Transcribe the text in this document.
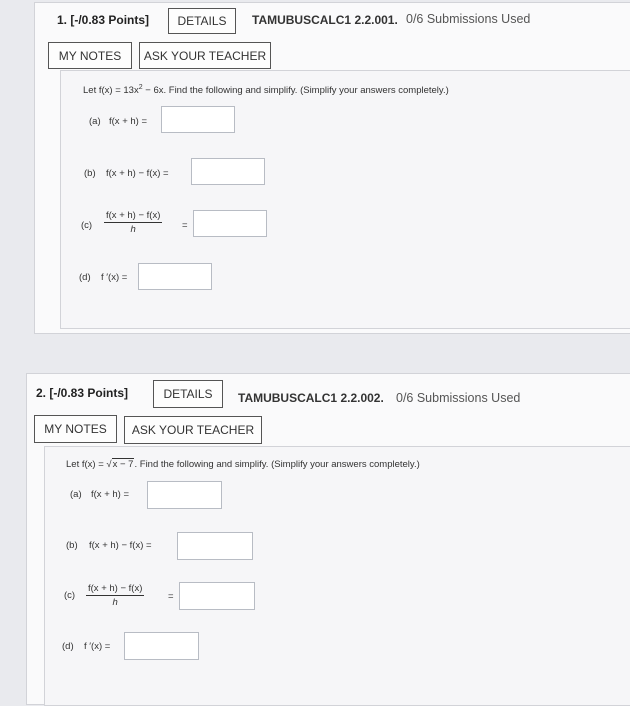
1. [-/0.83 Points]	DETAILS	TAMUBUSCALC1 2.2.001. 0/6 Submissions Used
MY NOTES	ASK YOUR TEACHER
Let $f(x) = 13x^2 - 6x$. Find the following and simplify. (Simplify your answers completely.)
(a) f(x + h) =
(b) f(x + h) − f(x) =
$(c) \frac{f(x + h) - f(x)}{h}$ =
(d) f ′(x) =
2. [-/0.83 Points]	DETAILS	TAMUBUSCALC1 2.2.002. 0/6 Submissions Used
MY NOTES	ASK YOUR TEACHER
Let f(x) = √x − 7. Find the following and simplify. (Simplify your answers completely.)
(a) f(x + h) =
(b) f(x + h) − f(x) =
$(c) \frac{f(x + h) - f(x)}{h}$ =
(d) f ′(x) =
